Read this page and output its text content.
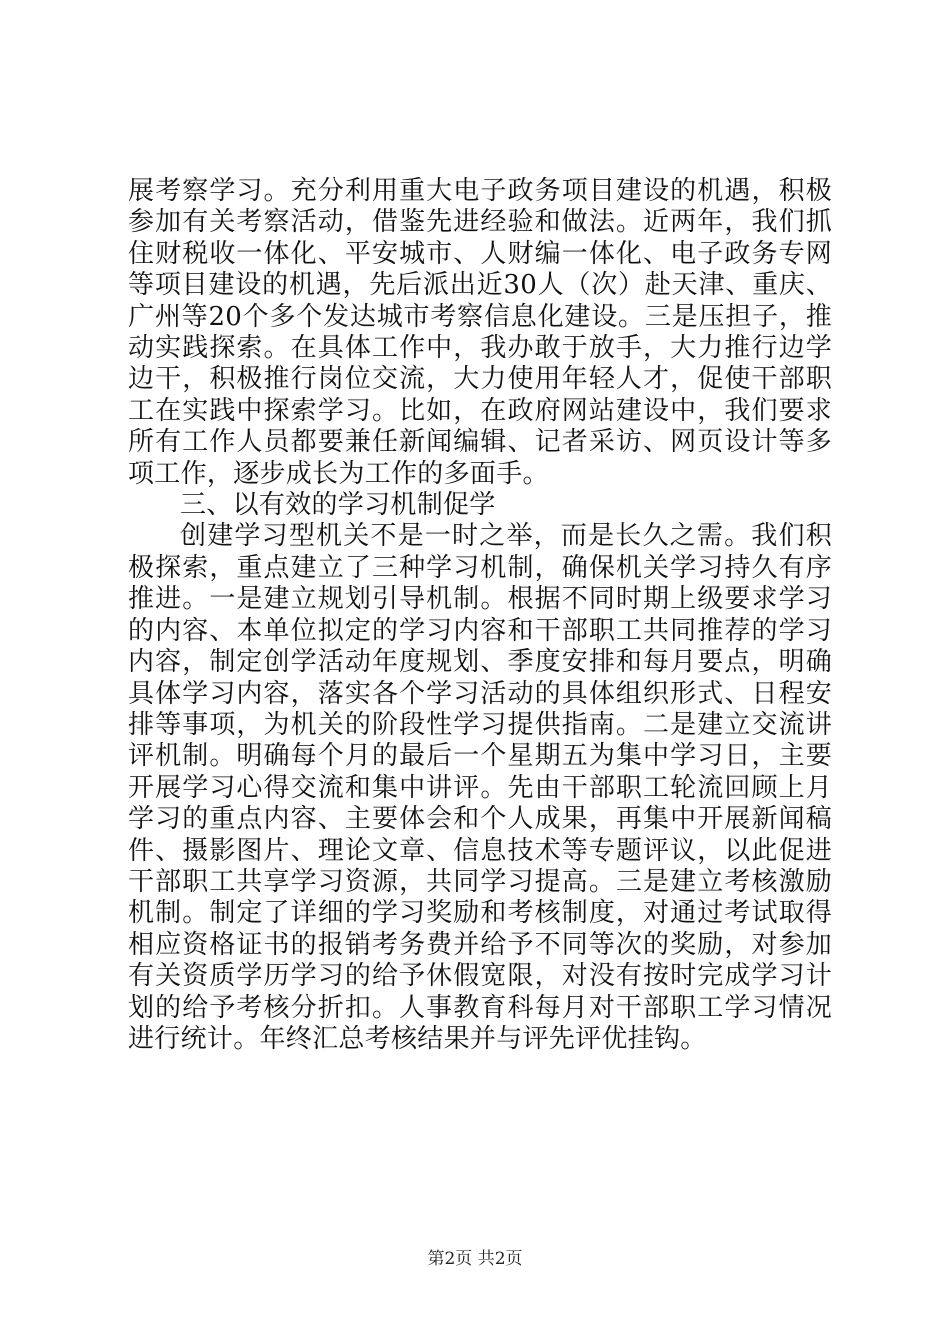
展考察学习。充分利用重大电子政务项目建设的机遇，积极参加有关考察活动，借鉴先进经验和做法。近两年，我们抓住财税收一体化、平安城市、人财编一体化、电子政务专网等项目建设的机遇，先后派出近30人（次）赴天津、重庆、广州等20个多个发达城市考察信息化建设。三是压担子，推动实践探索。在具体工作中，我办敢于放手，大力推行边学边干，积极推行岗位交流，大力使用年轻人才，促使干部职工在实践中探索学习。比如，在政府网站建设中，我们要求所有工作人员都要兼任新闻编辑、记者采访、网页设计等多项工作，逐步成长为工作的多面手。

三、以有效的学习机制促学

创建学习型机关不是一时之举，而是长久之需。我们积极探索，重点建立了三种学习机制，确保机关学习持久有序推进。一是建立规划引导机制。根据不同时期上级要求学习的内容、本单位拟定的学习内容和干部职工共同推荐的学习内容，制定创学活动年度规划、季度安排和每月要点，明确具体学习内容，落实各个学习活动的具体组织形式、日程安排等事项，为机关的阶段性学习提供指南。二是建立交流讲评机制。明确每个月的最后一个星期五为集中学习日，主要开展学习心得交流和集中讲评。先由干部职工轮流回顾上月学习的重点内容、主要体会和个人成果，再集中开展新闻稿件、摄影图片、理论文章、信息技术等专题评议，以此促进干部职工共享学习资源，共同学习提高。三是建立考核激励机制。制定了详细的学习奖励和考核制度，对通过考试取得相应资格证书的报销考务费并给予不同等次的奖励，对参加有关资质学历学习的给予休假宽限，对没有按时完成学习计划的给予考核分折扣。人事教育科每月对干部职工学习情况进行统计。年终汇总考核结果并与评先评优挂钩。

第2页 共2页
